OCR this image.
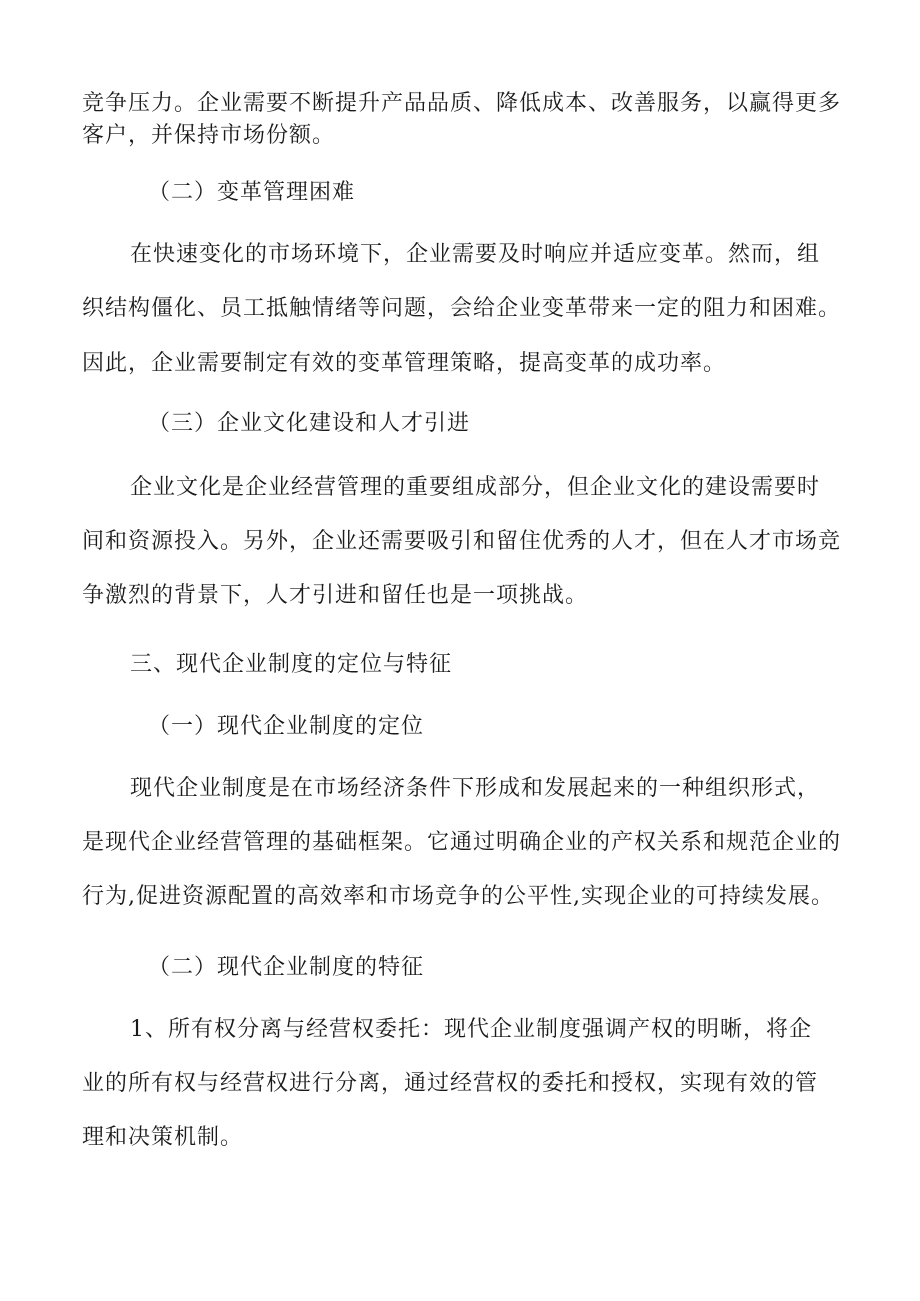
竞争压力。企业需要不断提升产品品质、降低成本、改善服务，以赢得更多
客户，并保持市场份额。
（二）变革管理困难
在快速变化的市场环境下，企业需要及时响应并适应变革。然而，组
织结构僵化、员工抵触情绪等问题，会给企业变革带来一定的阻力和困难。
因此，企业需要制定有效的变革管理策略，提高变革的成功率。
（三）企业文化建设和人才引进
企业文化是企业经营管理的重要组成部分，但企业文化的建设需要时
间和资源投入。另外，企业还需要吸引和留住优秀的人才，但在人才市场竞
争激烈的背景下，人才引进和留任也是一项挑战。
三、现代企业制度的定位与特征
（一）现代企业制度的定位
现代企业制度是在市场经济条件下形成和发展起来的一种组织形式，
是现代企业经营管理的基础框架。它通过明确企业的产权关系和规范企业的
行为,促进资源配置的高效率和市场竞争的公平性,实现企业的可持续发展。
（二）现代企业制度的特征
1、所有权分离与经营权委托：现代企业制度强调产权的明晰，将企
业的所有权与经营权进行分离，通过经营权的委托和授权，实现有效的管
理和决策机制。
